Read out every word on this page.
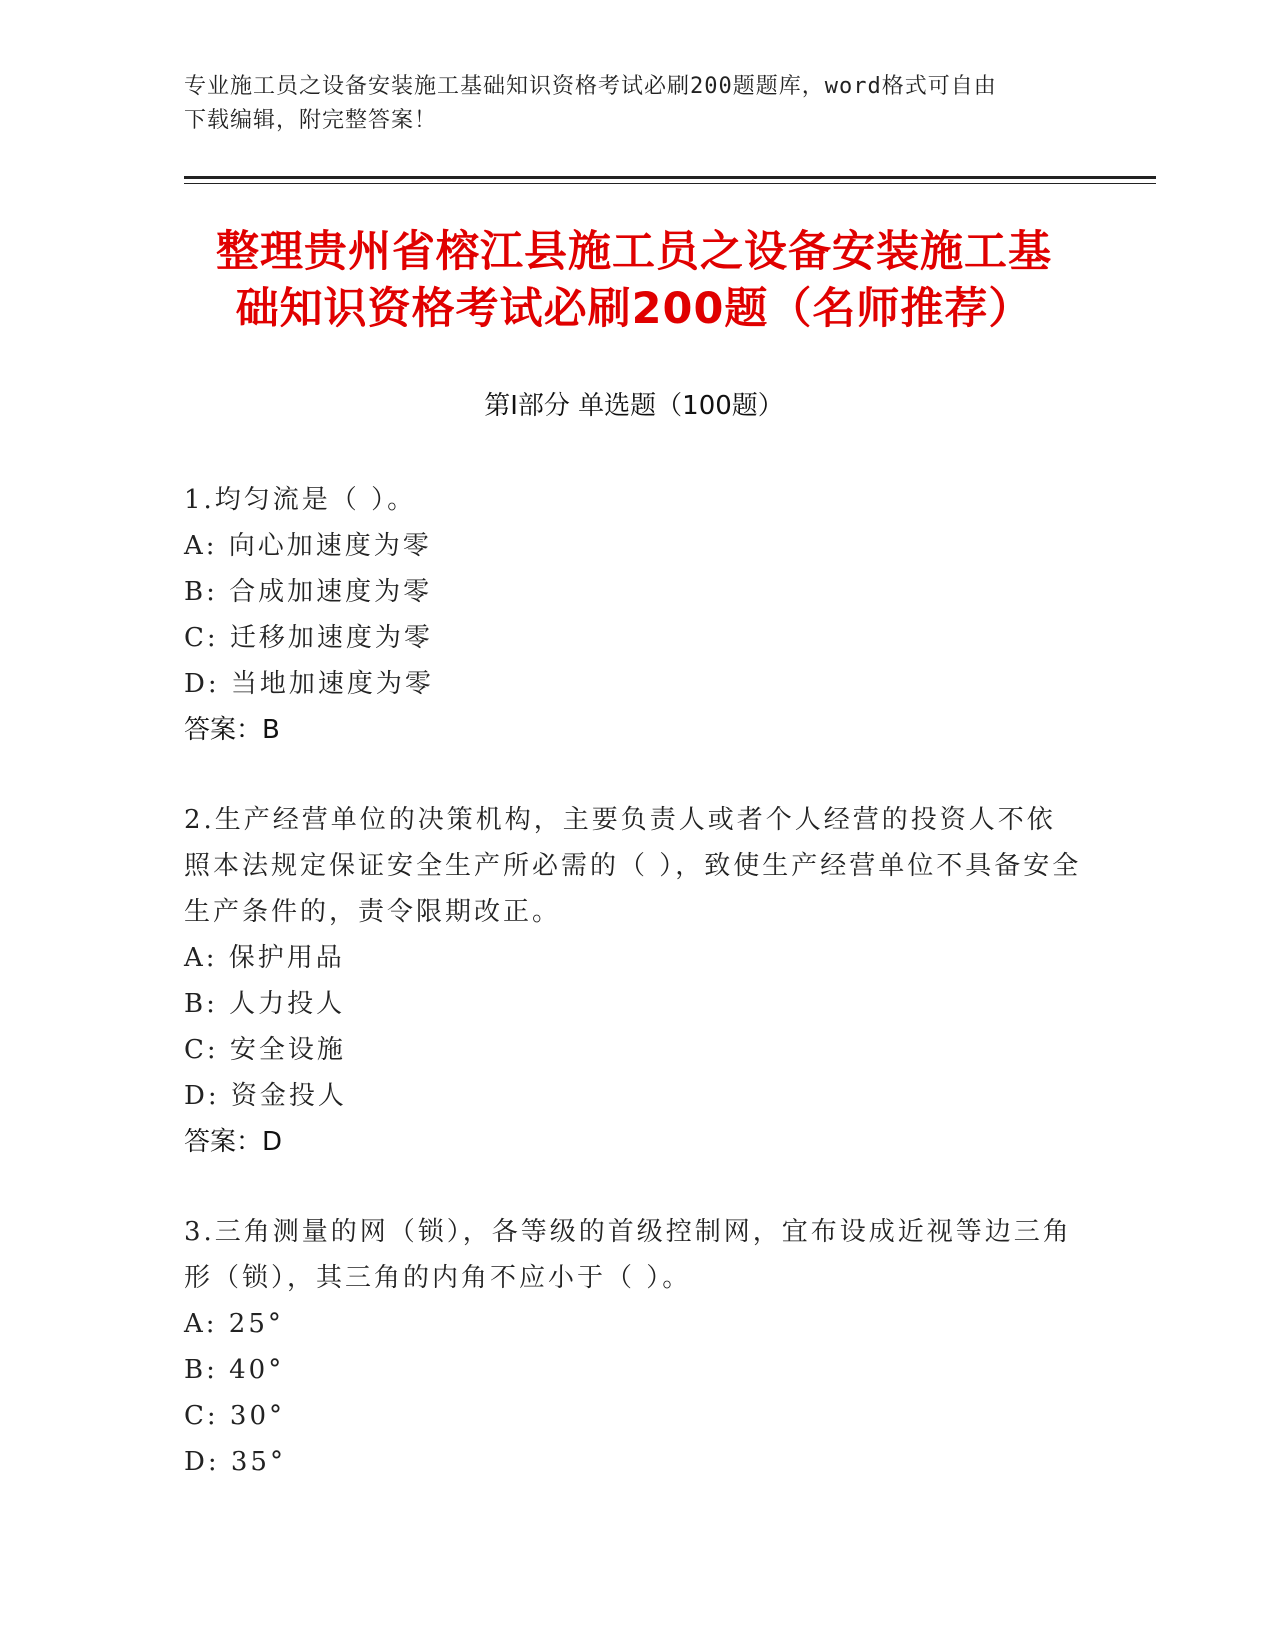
专业施工员之设备安装施工基础知识资格考试必刷200题题库，word格式可自由
下载编辑，附完整答案！
整理贵州省榕江县施工员之设备安装施工基
础知识资格考试必刷200题（名师推荐）
第I部分 单选题（100题）
1.均匀流是（ ）。
A: 向心加速度为零
B: 合成加速度为零
C: 迁移加速度为零
D: 当地加速度为零
答案：B
2.生产经营单位的决策机构，主要负责人或者个人经营的投资人不依照本法规定保证安全生产所必需的（ ），致使生产经营单位不具备安全生产条件的，责令限期改正。
A: 保护用品
B: 人力投人
C: 安全设施
D: 资金投人
答案：D
3.三角测量的网（锁），各等级的首级控制网，宜布设成近视等边三角形（锁），其三角的内角不应小于（ ）。
A: 25°
B: 40°
C: 30°
D: 35°
